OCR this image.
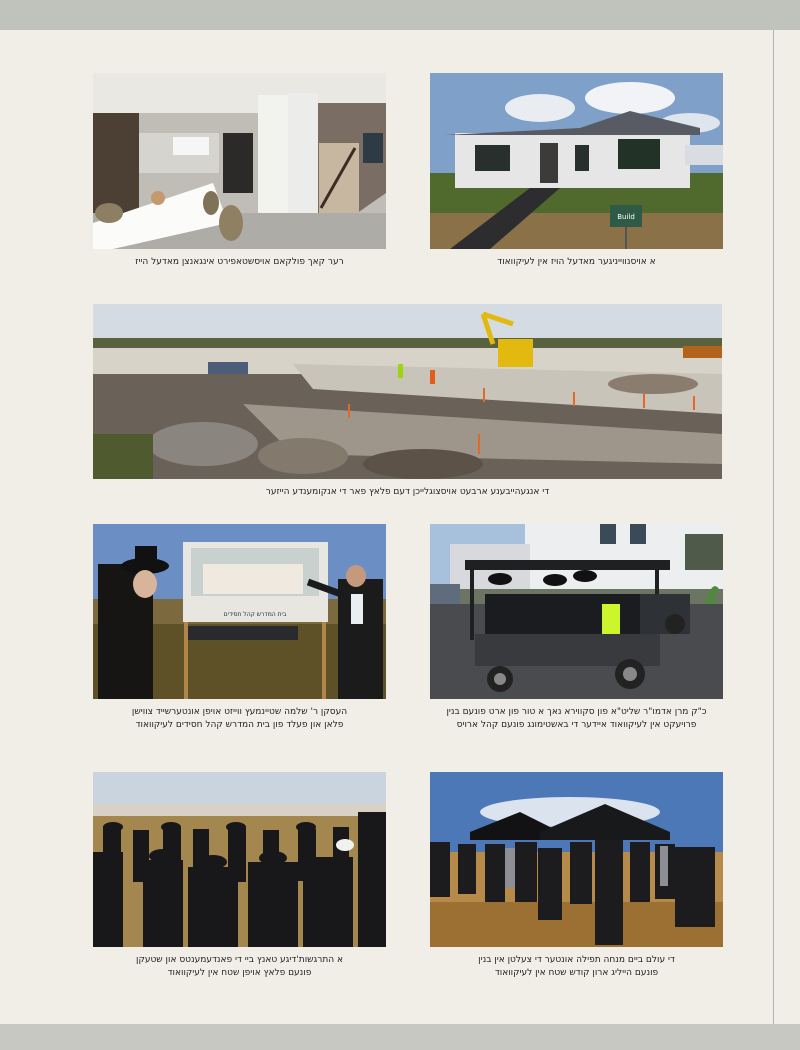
רער קאך פולקאם אויסשטאפירט אינגאנצן מאדעל הייז
Build
א אויסנווייניגער מאדעל הויז אין לעיקוואוד
די אנגעהייבענע ארבעט אויסצוגלייכן דעם פלאץ פאר די אנקומענדע הייזער
בית המדרש קהל חסידים
העסקן ר' שלמה שטיינמעץ ווייזט אויפן אונטערשייד צווישן
פלאן און פעלד פון בית המדרש קהל חסידים לעיקוואוד
כ"ק מרן אדמו"ר שליט"א פון סקווירא נאך א טור פון ארט פונעם בנין
פרויעקט אין לעיקוואוד איידער די באשטימונג פונעם קהל ארויס
א התרגשות'דיגע טאנץ ביי די פאנדעמענטס און שטעקן
פונעם פלאץ אויפן שטח אין לעיקוואוד
די עולם ביים מנחה תפילה אונטער די צעלטן אין בנין
פונעם הייליג ארון קודש שטח אין לעיקוואוד
